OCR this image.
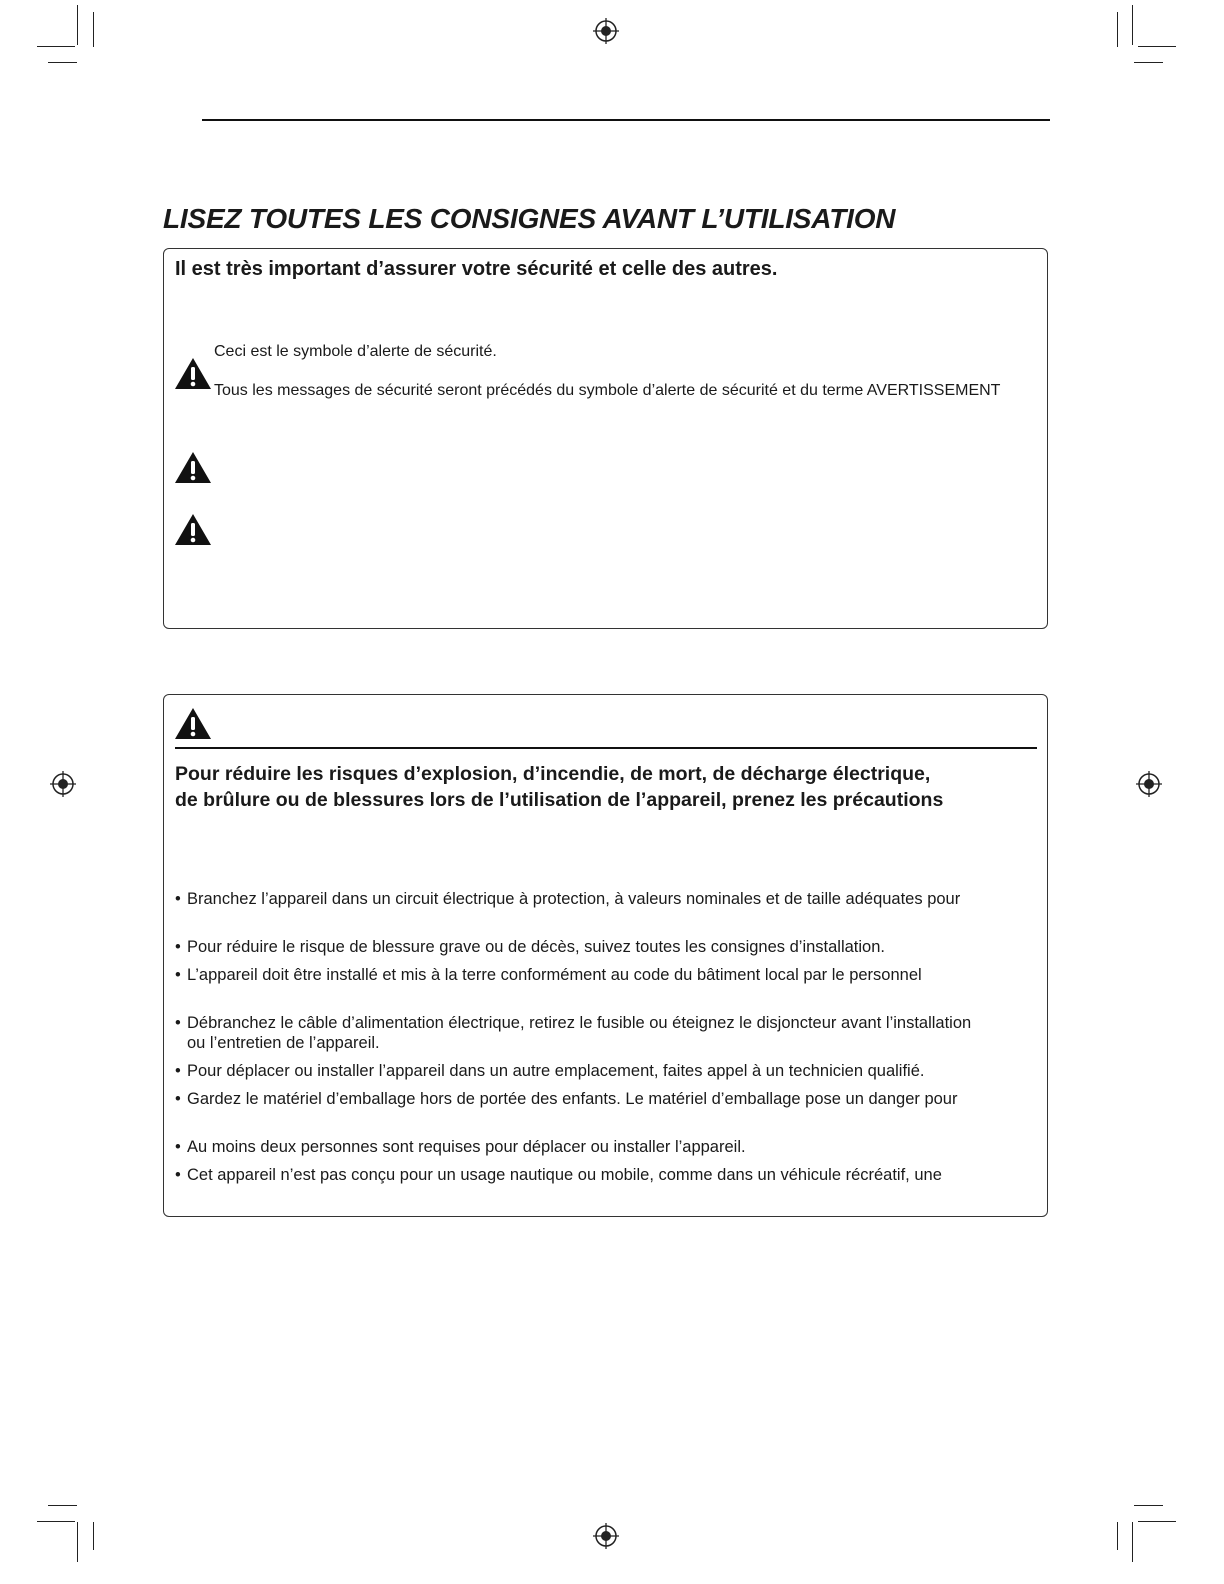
LISEZ TOUTES LES CONSIGNES AVANT L’UTILISATION
Il est très important d’assurer votre sécurité et celle des autres.
Ceci est le symbole d’alerte de sécurité.
Tous les messages de sécurité seront précédés du symbole d’alerte de sécurité et du terme AVERTISSEMENT

Pour réduire les risques d’explosion, d’incendie, de mort, de décharge électrique,
de brûlure ou de blessures lors de l’utilisation de l’appareil, prenez les précautions

• Branchez l’appareil dans un circuit électrique à protection, à valeurs nominales et de taille adéquates pour
• Pour réduire le risque de blessure grave ou de décès, suivez toutes les consignes d’installation.
• L’appareil doit être installé et mis à la terre conformément au code du bâtiment local par le personnel
• Débranchez le câble d’alimentation électrique, retirez le fusible ou éteignez le disjoncteur avant l’installation
ou l’entretien de l’appareil.
• Pour déplacer ou installer l’appareil dans un autre emplacement, faites appel à un technicien qualifié.
• Gardez le matériel d’emballage hors de portée des enfants. Le matériel d’emballage pose un danger pour
• Au moins deux personnes sont requises pour déplacer ou installer l’appareil.
• Cet appareil n’est pas conçu pour un usage nautique ou mobile, comme dans un véhicule récréatif, une
